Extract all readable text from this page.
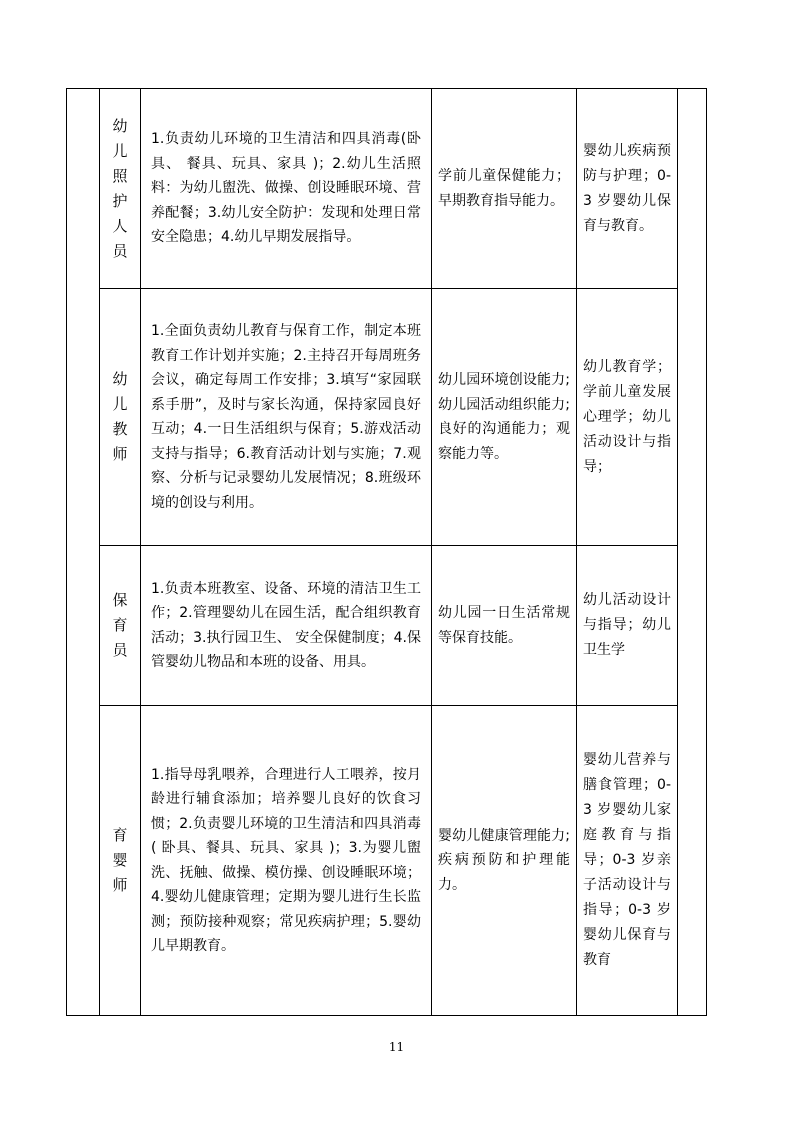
	幼儿照护人员	1.负责幼儿环境的卫生清洁和四具消毒(卧具、 餐具、玩具、家具 )；2.幼儿生活照料：为幼儿盥洗、做操、创设睡眠环境、营养配餐；3.幼儿安全防护：发现和处理日常安全隐患；4.幼儿早期发展指导。	学前儿童保健能力；早期教育指导能力。	婴幼儿疾病预防与护理；0-3 岁婴幼儿保育与教育。	

	幼儿教师	1.全面负责幼儿教育与保育工作，制定本班教育工作计划并实施；2.主持召开每周班务会议，确定每周工作安排；3.填写“家园联系手册”，及时与家长沟通，保持家园良好互动；4.一日生活组织与保育；5.游戏活动支持与指导；6.教育活动计划与实施；7.观察、分析与记录婴幼儿发展情况；8.班级环境的创设与利用。	幼儿园环境创设能力;幼儿园活动组织能力;良好的沟通能力；观察能力等。	幼儿教育学；学前儿童发展心理学；幼儿活动设计与指导；	

	保育员	1.负责本班教室、设备、环境的清洁卫生工作；2.管理婴幼儿在园生活，配合组织教育活动；3.执行园卫生、 安全保健制度；4.保管婴幼儿物品和本班的设备、用具。	幼儿园一日生活常规等保育技能。	幼儿活动设计与指导；幼儿卫生学	

	育婴师	1.指导母乳喂养，合理进行人工喂养，按月龄进行辅食添加；培养婴儿良好的饮食习惯；2.负责婴儿环境的卫生清洁和四具消毒 ( 卧具、餐具、玩具、家具 )；3.为婴儿盥洗、抚触、做操、模仿操、创设睡眠环境；4.婴幼儿健康管理；定期为婴儿进行生长监测；预防接种观察；常见疾病护理；5.婴幼儿早期教育。	婴幼儿健康管理能力;疾病预防和护理能力。	婴幼儿营养与膳食管理；0-3 岁婴幼儿家庭教育与指导；0-3 岁亲子活动设计与指导；0-3 岁婴幼儿保育与教育	
11
